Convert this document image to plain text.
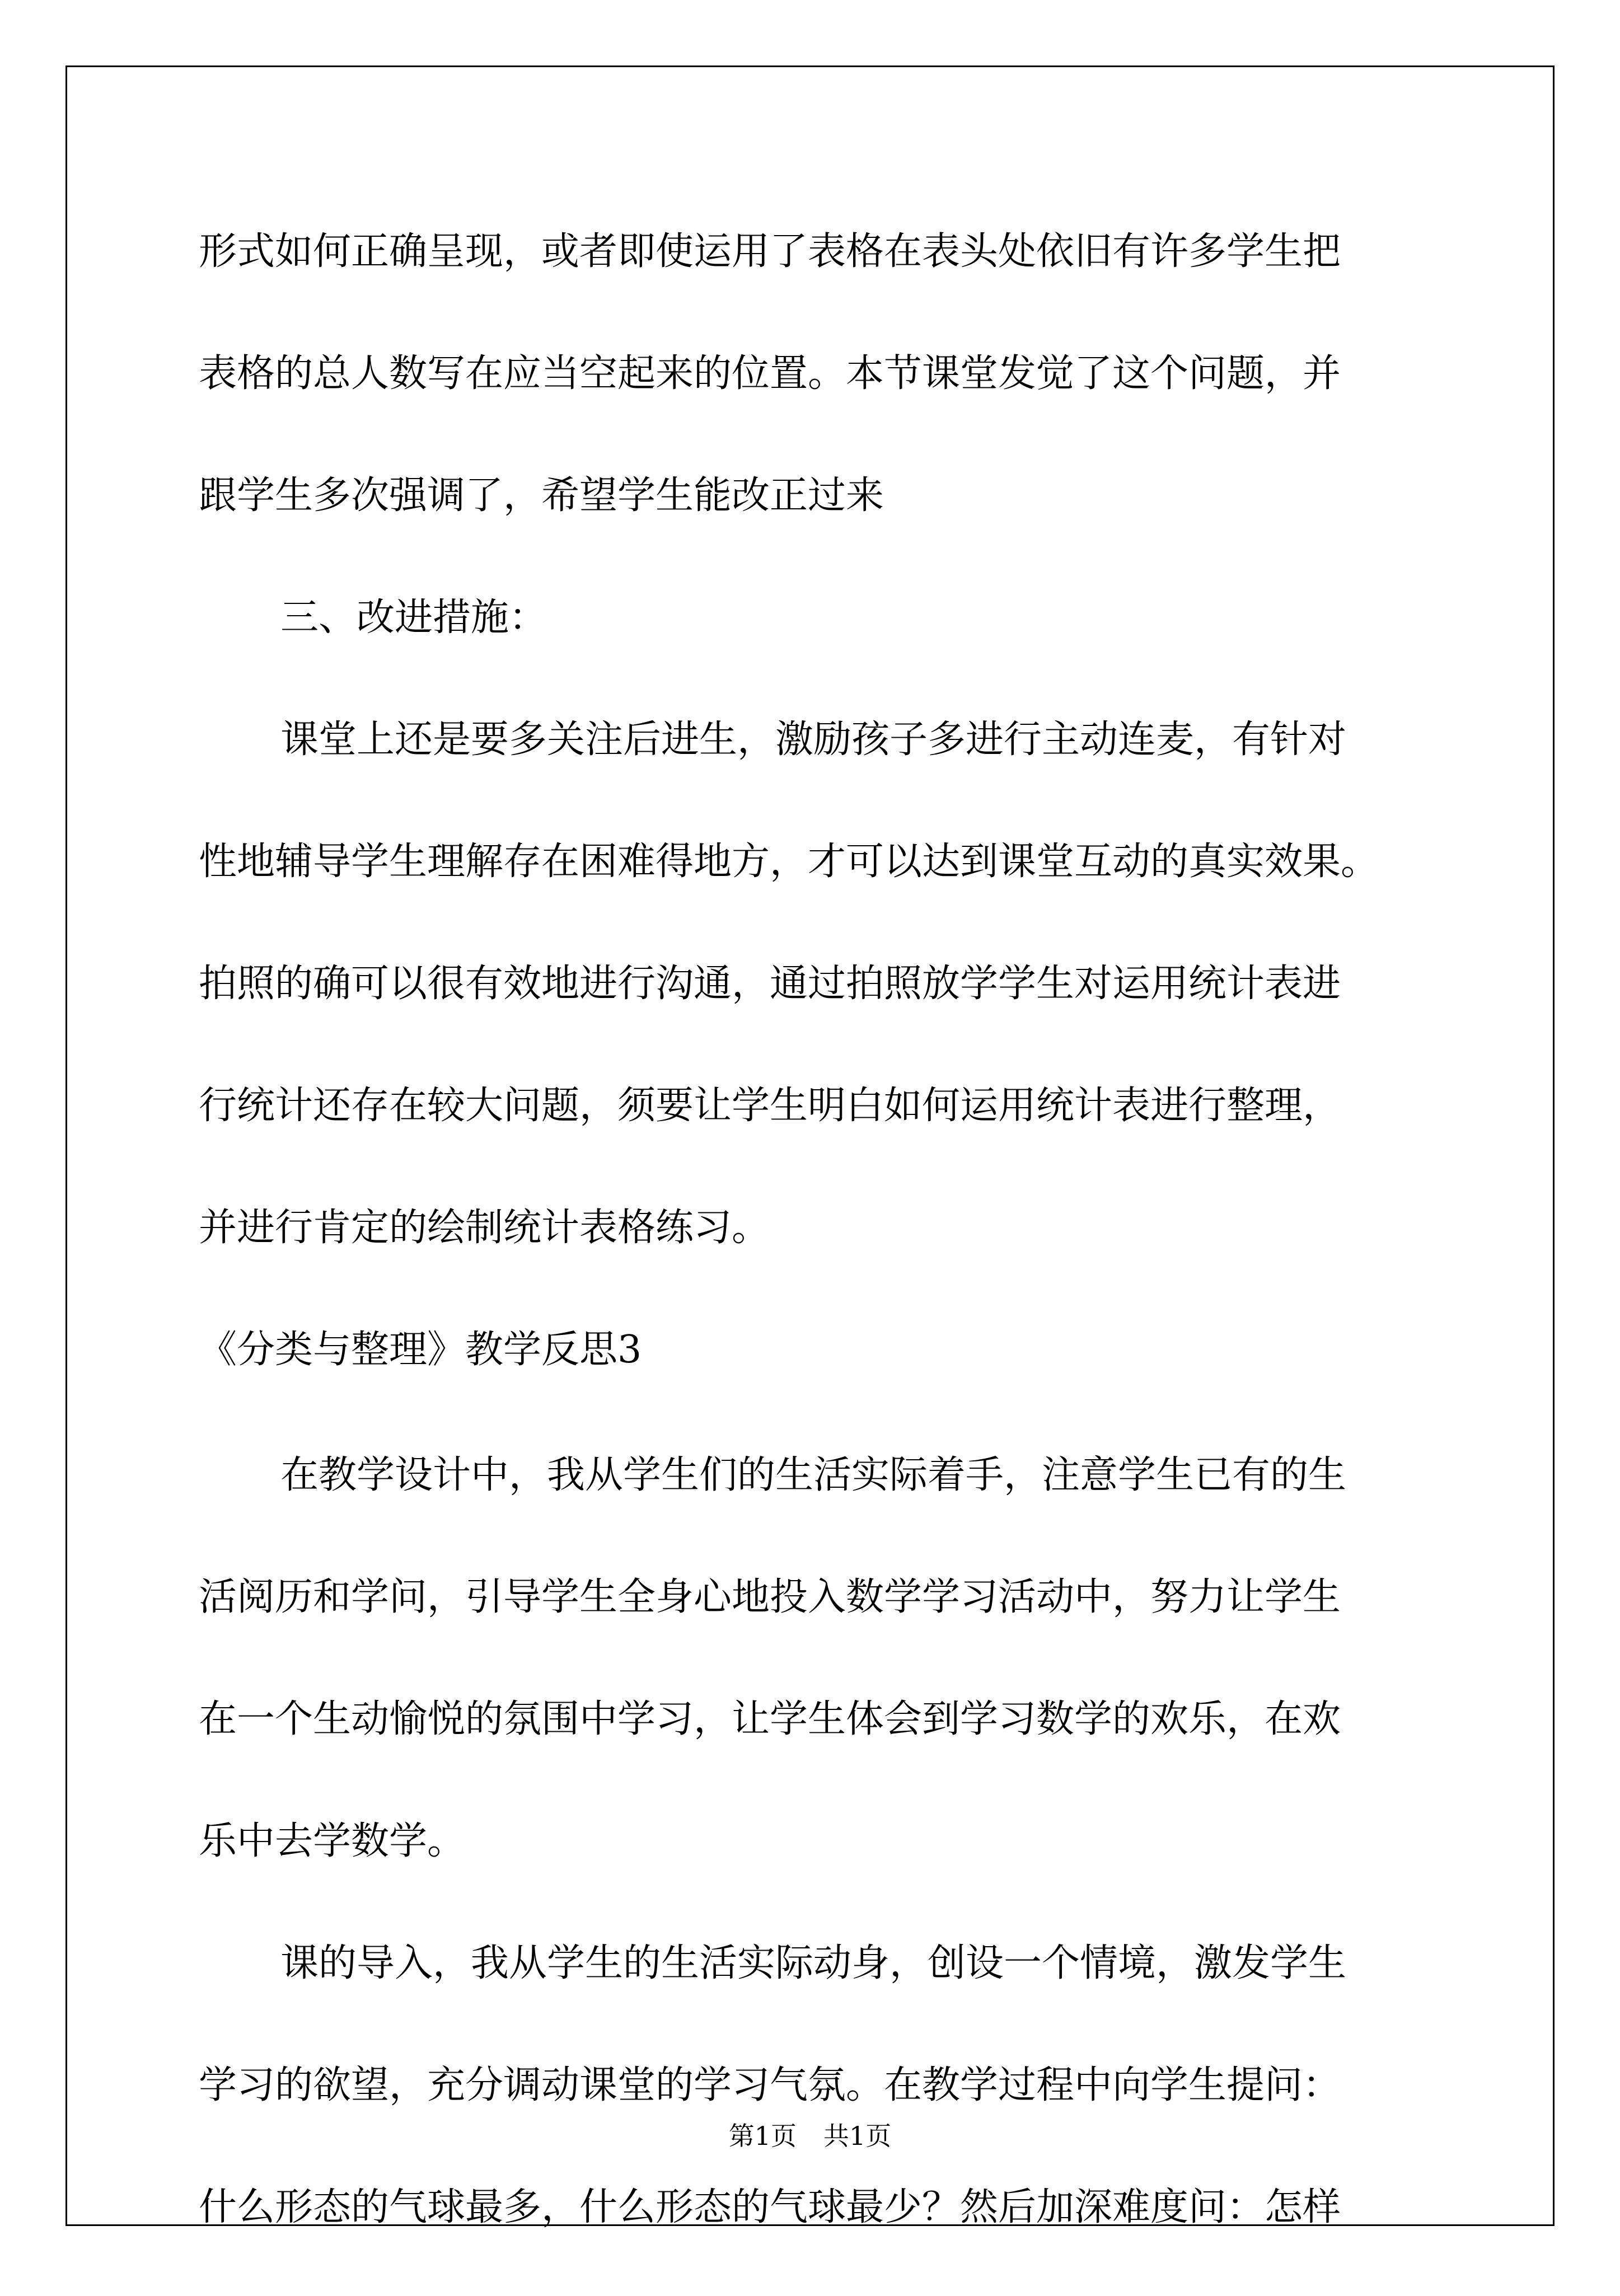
形式如何正确呈现，或者即使运用了表格在表头处依旧有许多学生把
表格的总人数写在应当空起来的位置。本节课堂发觉了这个问题，并
跟学生多次强调了，希望学生能改正过来
三、改进措施：
课堂上还是要多关注后进生，激励孩子多进行主动连麦，有针对
性地辅导学生理解存在困难得地方，才可以达到课堂互动的真实效果。
拍照的确可以很有效地进行沟通，通过拍照放学学生对运用统计表进
行统计还存在较大问题，须要让学生明白如何运用统计表进行整理，
并进行肯定的绘制统计表格练习。
《分类与整理》教学反思3
在教学设计中，我从学生们的生活实际着手，注意学生已有的生
活阅历和学问，引导学生全身心地投入数学学习活动中，努力让学生
在一个生动愉悦的氛围中学习，让学生体会到学习数学的欢乐，在欢
乐中去学数学。
课的导入，我从学生的生活实际动身，创设一个情境，激发学生
学习的欲望，充分调动课堂的学习气氛。在教学过程中向学生提问：
什么形态的气球最多，什么形态的气球最少？然后加深难度问：怎样
第1页 共1页
